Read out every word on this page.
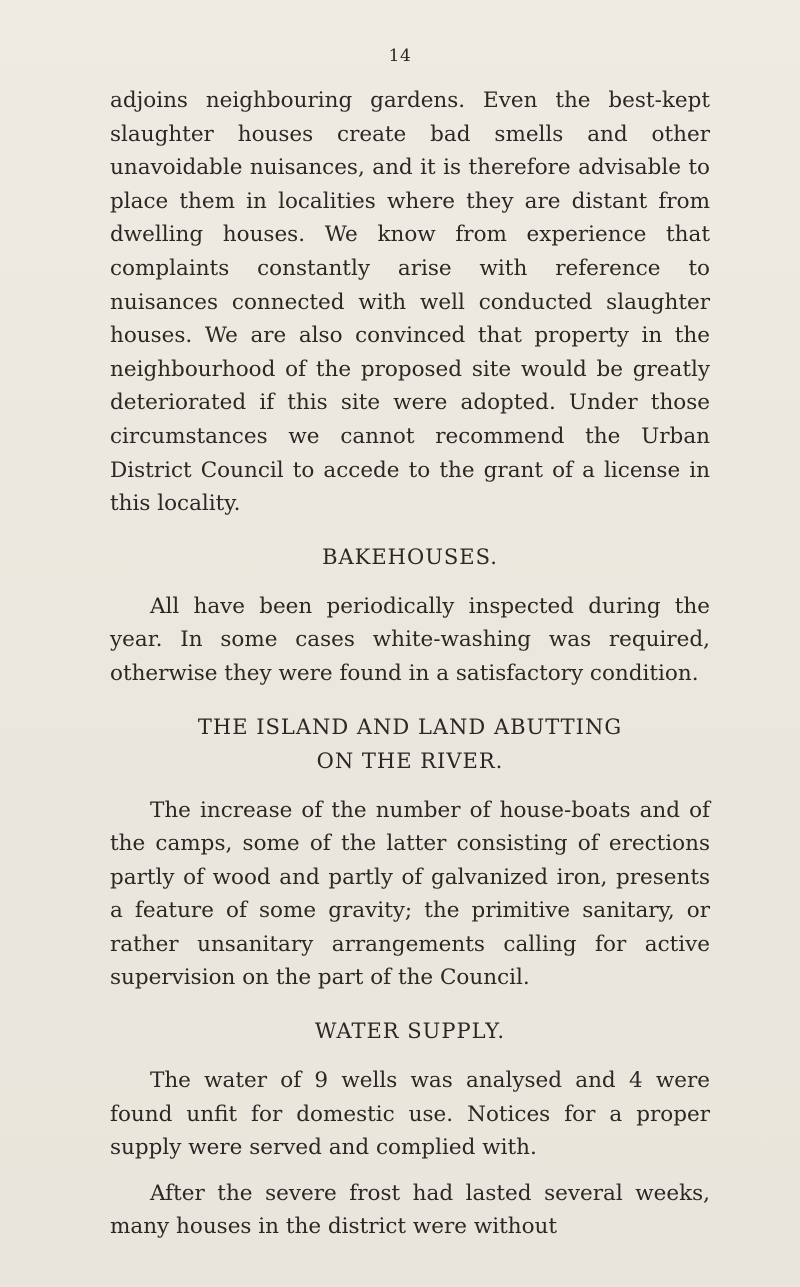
14

adjoins neighbouring gardens. Even the best-kept slaughter houses create bad smells and other unavoidable nuisances, and it is therefore advisable to place them in localities where they are distant from dwelling houses. We know from experience that complaints constantly arise with reference to nuisances connected with well conducted slaughter houses. We are also convinced that property in the neighbourhood of the proposed site would be greatly deteriorated if this site were adopted. Under those circumstances we cannot recommend the Urban District Council to accede to the grant of a license in this locality.

BAKEHOUSES.

All have been periodically inspected during the year. In some cases white-washing was required, otherwise they were found in a satisfactory condition.

THE ISLAND AND LAND ABUTTING
ON THE RIVER.

The increase of the number of house-boats and of the camps, some of the latter consisting of erections partly of wood and partly of galvanized iron, presents a feature of some gravity; the primitive sanitary, or rather unsanitary arrangements calling for active supervision on the part of the Council.

WATER SUPPLY.

The water of 9 wells was analysed and 4 were found unfit for domestic use. Notices for a proper supply were served and complied with.

After the severe frost had lasted several weeks, many houses in the district were without
